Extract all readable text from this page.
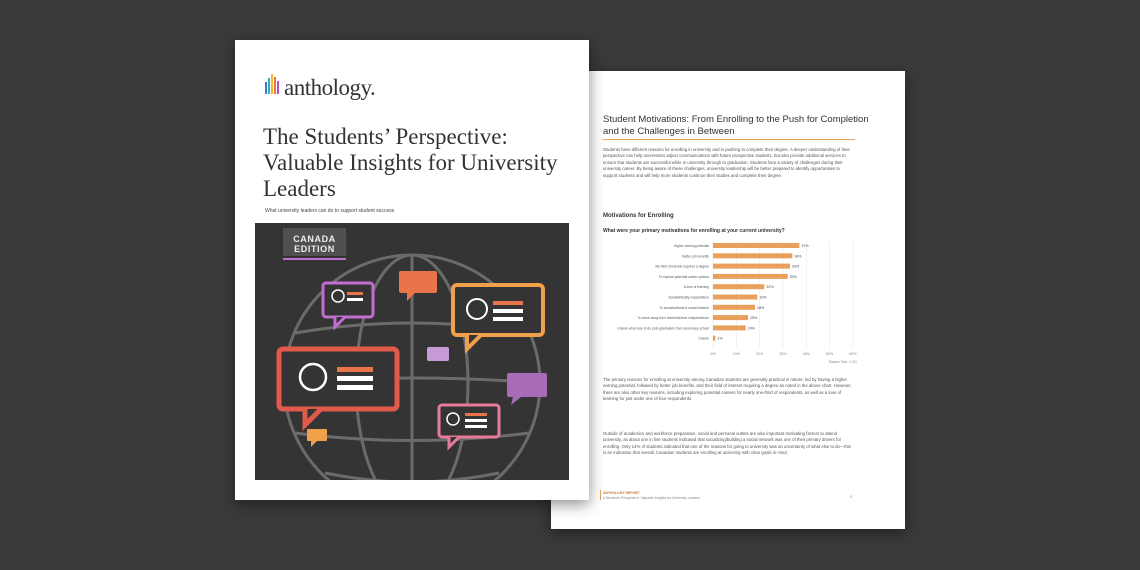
Student Motivations: From Enrolling to the Push for Completion and the Challenges in Between
Students have different reasons for enrolling in university and in pushing to complete their degree. A deeper understanding of their perspective can help universities adjust communications with future prospective students, but also provide additional services to ensure that students are successful while in university through to graduation. Students face a variety of challenges during their university career. By being aware of these challenges, university leadership will be better prepared to identify opportunities to support students and will help more students continue their studies and complete their degree.
Motivations for Enrolling
What were your primary motivations for enrolling at your current university?
0%	10%	20%	30%	40%	50%	60%
Higher earning potential	37%
Better job benefits	34%
My field of interest requires a degree	33%
To explore potential career options	32%
A love of learning	22%
Societal/family expectations	19%
To socialize/build a social network	18%
To move away from home/achieve independence	15%
Unsure what else to do post-graduation from secondary school	14%
Unsure 1%
Sample Size: 1,011
The primary reasons for enrolling at university among Canadian students are generally practical in nature, led by having a higher earning potential, followed by better job benefits, and their field of interest requiring a degree as noted in the above chart. However, there are also other key reasons, including exploring potential careers for nearly one-third of respondents, as well as a love of learning for just under one of four respondents.
Outside of academics and workforce preparation, social and personal outlets are also important motivating factors to attend university, as about one in five students indicated that socializing/building a social network was one of their primary drivers for enrolling. Only 14% of students indicated that one of the reasons for going to university was an uncertainty of what else to do—this is an indication that overall, Canadian students are enrolling at university with clear goals in mind.
ANTHOLOGY REPORT
A Student's Perspective: Valuable Insights for University Leaders	5
anthology.
The Students’ Perspective: Valuable Insights for University Leaders
What university leaders can do to support student success
CANADA
EDITION
